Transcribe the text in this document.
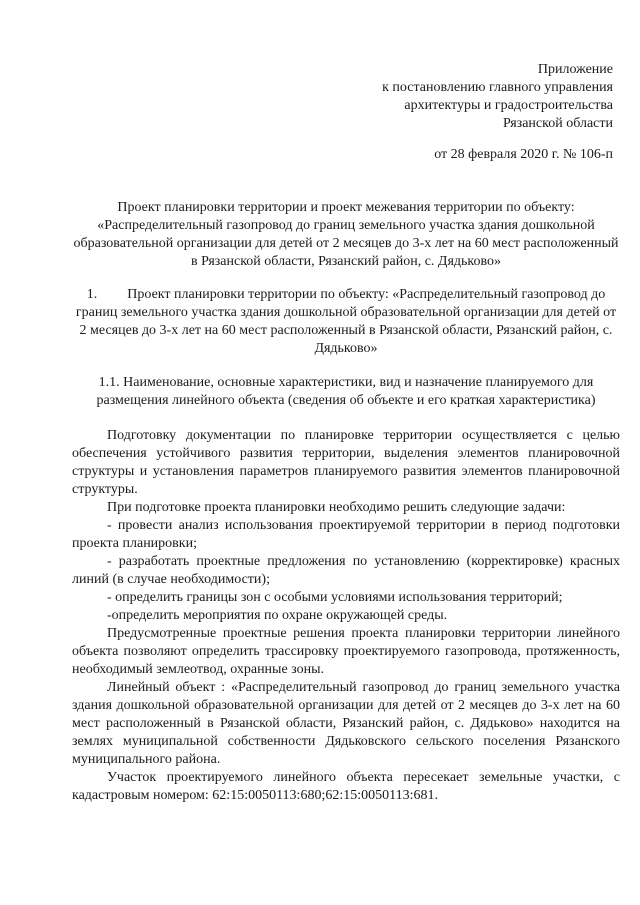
Приложение
к постановлению главного управления
архитектуры и градостроительства
Рязанской области
от 28 февраля 2020 г. № 106-п

Проект планировки территории и проект межевания территории по объекту: «Распределительный газопровод до границ земельного участка здания дошкольной образовательной организации для детей от 2 месяцев до 3-х лет на 60 мест расположенный в Рязанской области, Рязанский район, с. Дядьково»

1. Проект планировки территории по объекту: «Распределительный газопровод до границ земельного участка здания дошкольной образовательной организации для детей от 2 месяцев до 3-х лет на 60 мест расположенный в Рязанской области, Рязанский район, с. Дядьково»

1.1. Наименование, основные характеристики, вид и назначение планируемого для размещения линейного объекта (сведения об объекте и его краткая характеристика)

Подготовку документации по планировке территории осуществляется с целью обеспечения устойчивого развития территории, выделения элементов планировочной структуры и установления параметров планируемого развития элементов планировочной структуры.

При подготовке проекта планировки необходимо решить следующие задачи:

- провести анализ использования проектируемой территории в период подготовки проекта планировки;

- разработать проектные предложения по установлению (корректировке) красных линий (в случае необходимости);

- определить границы зон с особыми условиями использования территорий;

-определить мероприятия по охране окружающей среды.

Предусмотренные проектные решения проекта планировки территории линейного объекта позволяют определить трассировку проектируемого газопровода, протяженность, необходимый землеотвод, охранные зоны.

Линейный объект : «Распределительный газопровод до границ земельного участка здания дошкольной образовательной организации для детей от 2 месяцев до 3-х лет на 60 мест расположенный в Рязанской области, Рязанский район, с. Дядьково» находится на землях муниципальной собственности Дядьковского сельского поселения Рязанского муниципального района.

Участок проектируемого линейного объекта пересекает земельные участки, с кадастровым номером: 62:15:0050113:680;62:15:0050113:681.
